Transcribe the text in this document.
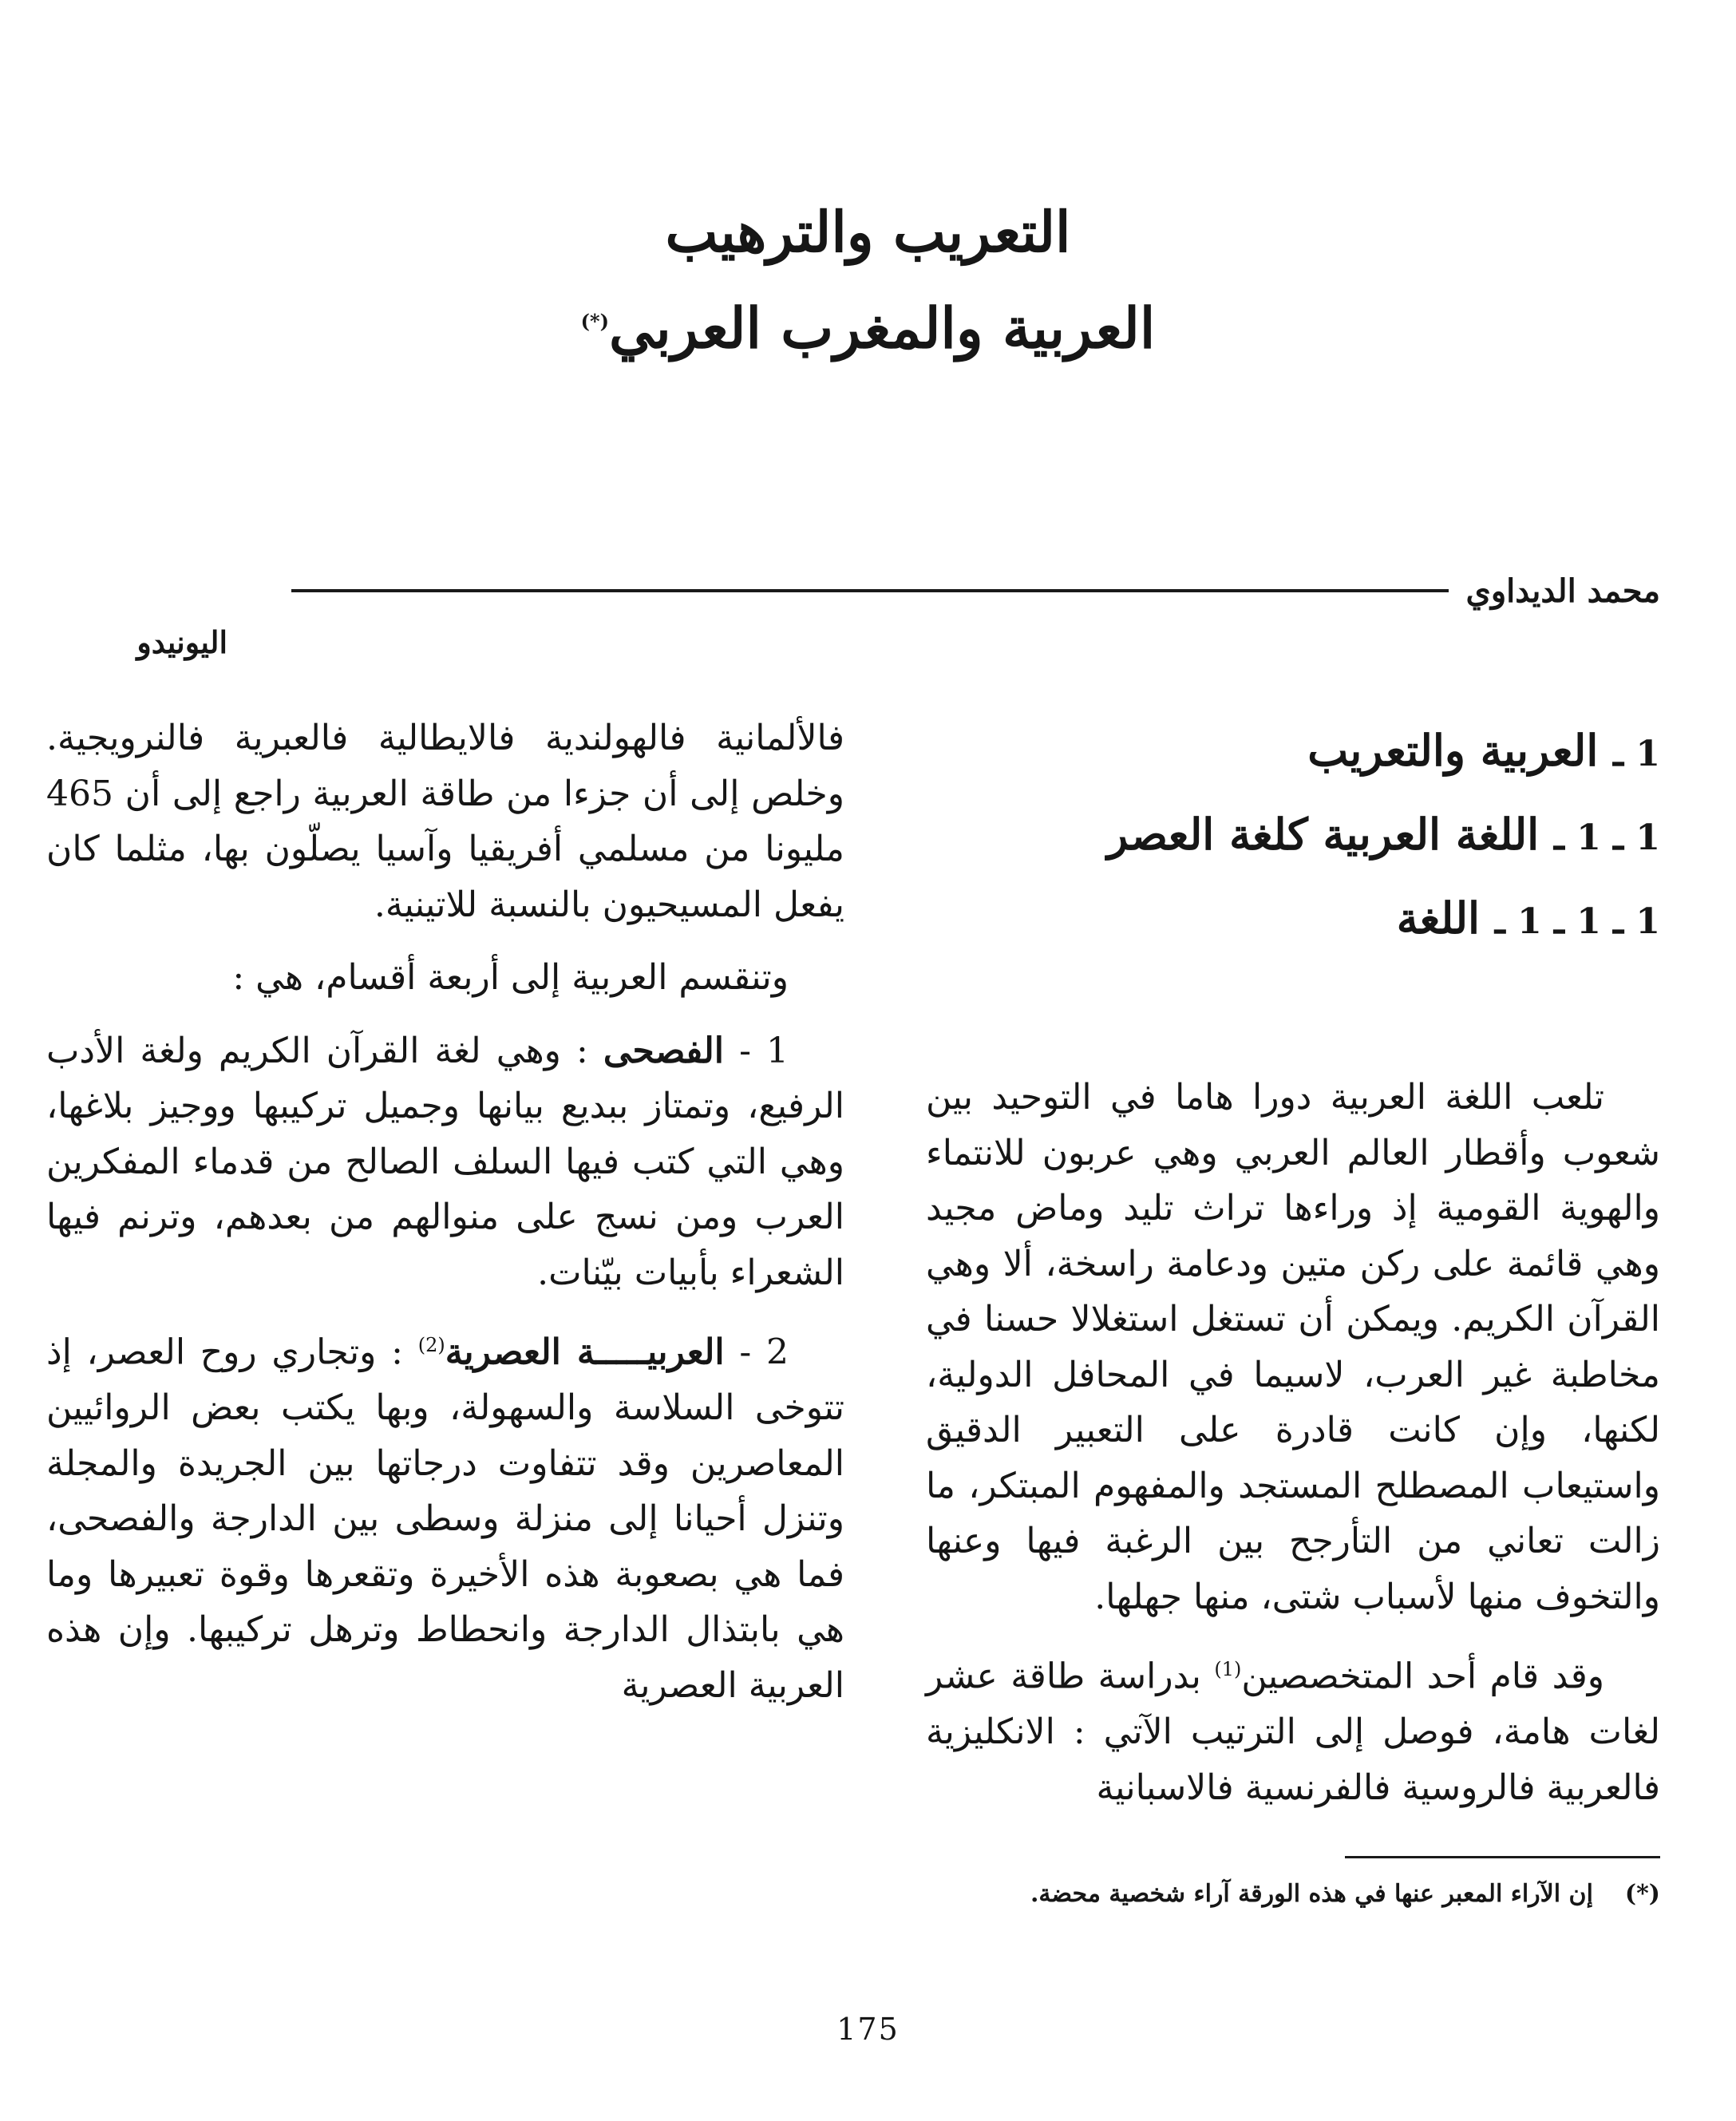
التعريب والترهيب
العربية والمغرب العربي(*)
محمد الديداوي
اليونيدو
1 ـ العربية والتعريب
1 ـ 1 ـ اللغة العربية كلغة العصر
1 ـ 1 ـ 1 ـ اللغة

تلعب اللغة العربية دورا هاما في التوحيد بين شعوب وأقطار العالم العربي وهي عربون للانتماء والهوية القومية إذ وراءها تراث تليد وماض مجيد وهي قائمة على ركن متين ودعامة راسخة، ألا وهي القرآن الكريم. ويمكن أن تستغل استغلالا حسنا في مخاطبة غير العرب، لاسيما في المحافل الدولية، لكنها، وإن كانت قادرة على التعبير الدقيق واستيعاب المصطلح المستجد والمفهوم المبتكر، ما زالت تعاني من التأرجح بين الرغبة فيها وعنها والتخوف منها لأسباب شتى، منها جهلها.

وقد قام أحد المتخصصين$^{(1)}$ بدراسة طاقة عشر لغات هامة، فوصل إلى الترتيب الآتي : الانكليزية فالعربية فالروسية فالفرنسية فالاسبانية

فالألمانية فالهولندية فالايطالية فالعبرية فالنرويجية. وخلص إلى أن جزءا من طاقة العربية راجع إلى أن 465 مليونا من مسلمي أفريقيا وآسيا يصلّون بها، مثلما كان يفعل المسيحيون بالنسبة للاتينية.

وتنقسم العربية إلى أربعة أقسام، هي :

1 - الفصحى : وهي لغة القرآن الكريم ولغة الأدب الرفيع، وتمتاز ببديع بيانها وجميل تركيبها ووجيز بلاغها، وهي التي كتب فيها السلف الصالح من قدماء المفكرين العرب ومن نسج على منوالهم من بعدهم، وترنم فيها الشعراء بأبيات بيّنات.

2 - العربيـــــة العصرية$^{(2)}$ : وتجاري روح العصر، إذ تتوخى السلاسة والسهولة، وبها يكتب بعض الروائيين المعاصرين وقد تتفاوت درجاتها بين الجريدة والمجلة وتنزل أحيانا إلى منزلة وسطى بين الدارجة والفصحى، فما هي بصعوبة هذه الأخيرة وتقعرها وقوة تعبيرها وما هي بابتذال الدارجة وانحطاط وترهل تركيبها. وإن هذه العربية العصرية

(*)إن الآراء المعبر عنها في هذه الورقة آراء شخصية محضة.
175
